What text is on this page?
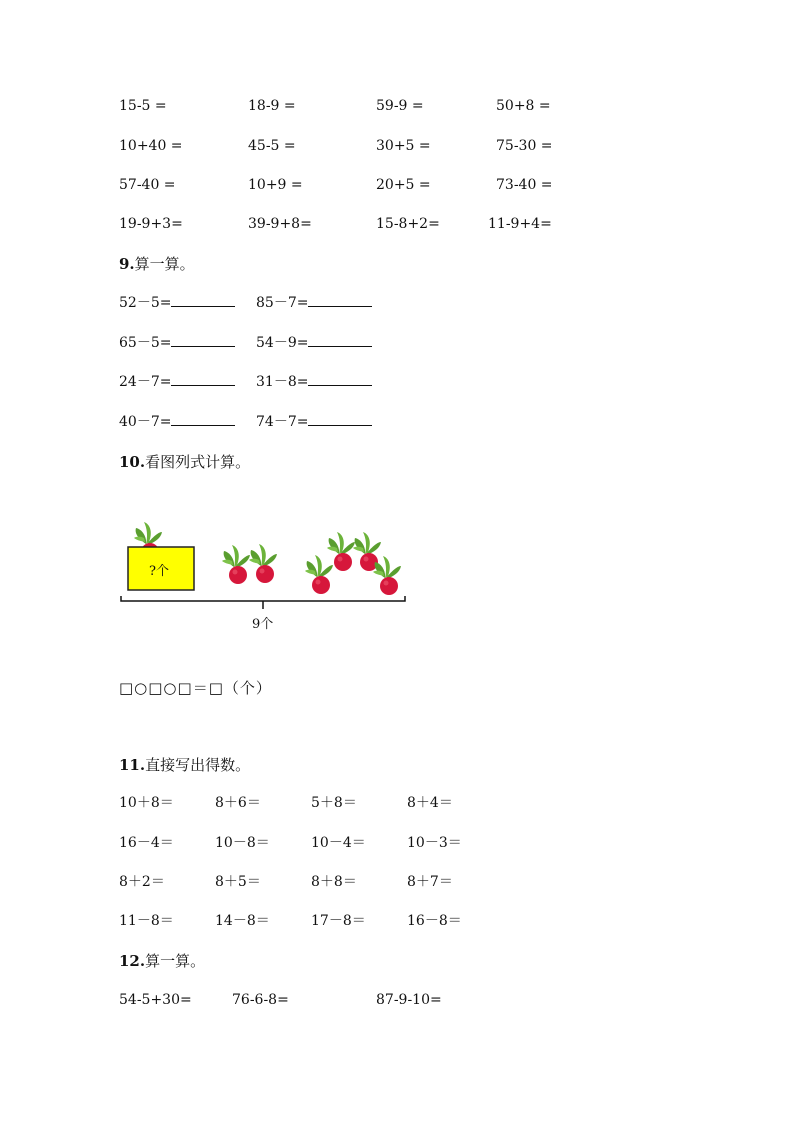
15-5 =	18-9 =	59-9 =	50+8 =
10+40 =	45-5 =	30+5 =	75-30 =
57-40 =	10+9 =	20+5 =	73-40 =
19-9+3=	39-9+8=	15-8+2=	11-9+4=
9.算一算。
52－5=	85－7=
65－5=	54－9=
24－7=	31－8=
40－7=	74－7=
10.看图列式计算。
?个
9个
□○□○□＝□（个）
11.直接写出得数。
10＋8＝	8＋6＝	5＋8＝	8＋4＝
16－4＝	10－8＝	10－4＝	10－3＝
8＋2＝	8＋5＝	8＋8＝	8＋7＝
11－8＝	14－8＝	17－8＝	16－8＝
12.算一算。
54-5+30=	76-6-8=	87-9-10=
